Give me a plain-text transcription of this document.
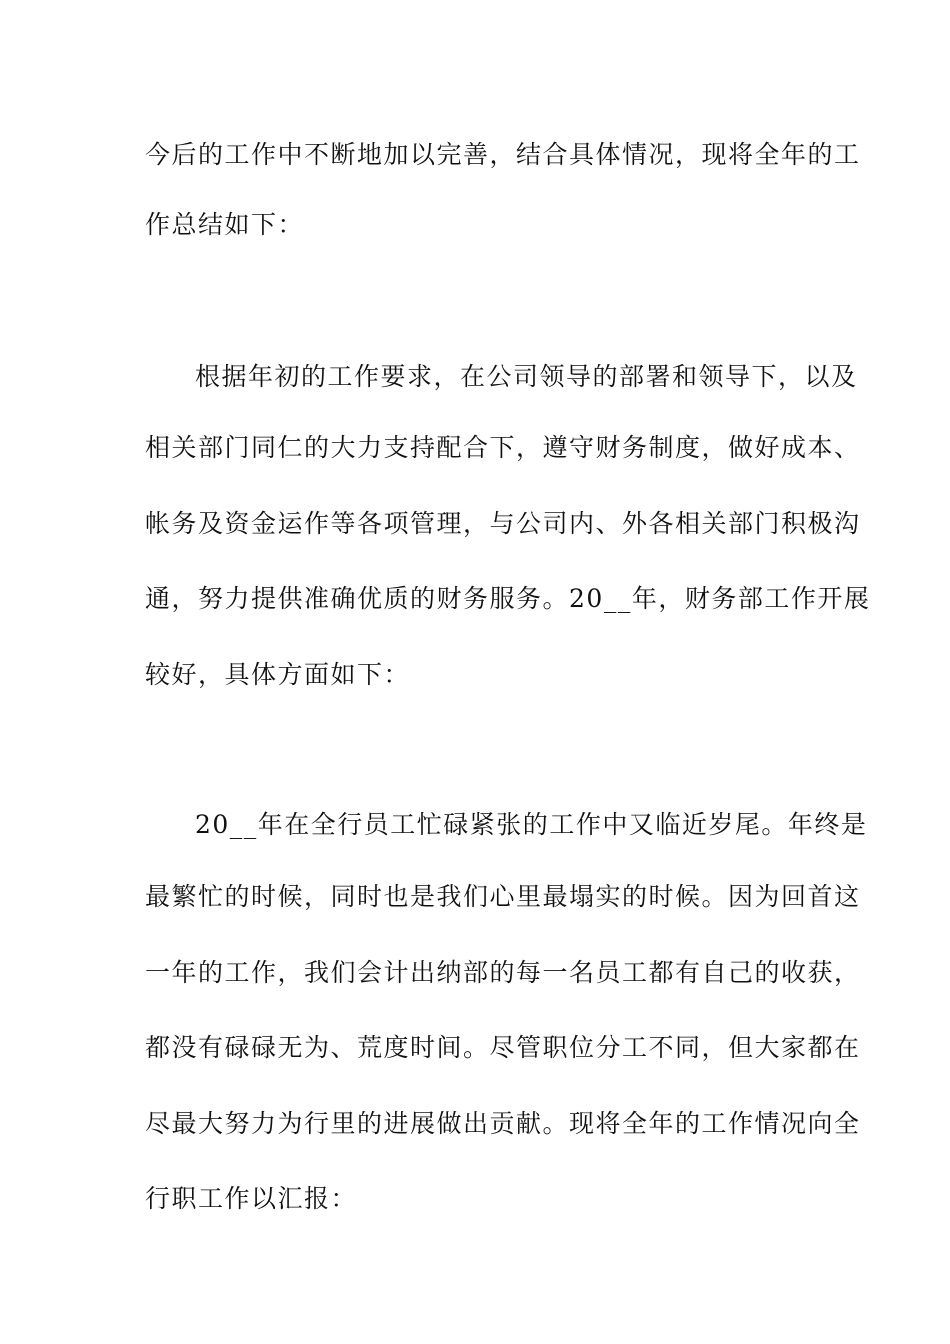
今后的工作中不断地加以完善，结合具体情况，现将全年的工
作总结如下：
根据年初的工作要求，在公司领导的部署和领导下，以及
相关部门同仁的大力支持配合下，遵守财务制度，做好成本、
帐务及资金运作等各项管理，与公司内、外各相关部门积极沟
通，努力提供准确优质的财务服务。20__年，财务部工作开展
较好，具体方面如下：
20__年在全行员工忙碌紧张的工作中又临近岁尾。年终是
最繁忙的时候，同时也是我们心里最塌实的时候。因为回首这
一年的工作，我们会计出纳部的每一名员工都有自己的收获，
都没有碌碌无为、荒度时间。尽管职位分工不同，但大家都在
尽最大努力为行里的进展做出贡献。现将全年的工作情况向全
行职工作以汇报：
